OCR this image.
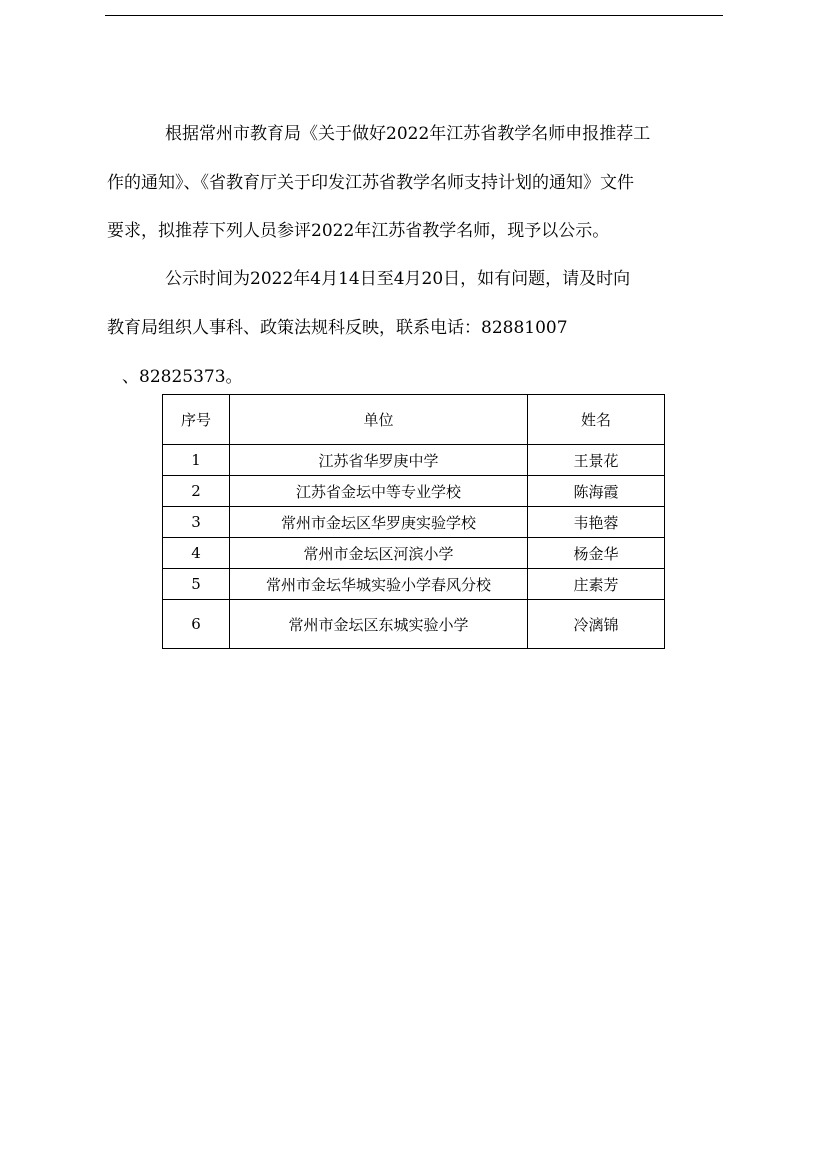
根据常州市教育局《关于做好2022年江苏省教学名师申报推荐工
作的通知》、《省教育厅关于印发江苏省教学名师支持计划的通知》文件
要求，拟推荐下列人员参评2022年江苏省教学名师，现予以公示。
公示时间为2022年4月14日至4月20日，如有问题，请及时向
教育局组织人事科、政策法规科反映，联系电话：82881007
、82825373。
序号	单位	姓名
1	江苏省华罗庚中学	王景花
2	江苏省金坛中等专业学校	陈海霞
3	常州市金坛区华罗庚实验学校	韦艳蓉
4	常州市金坛区河滨小学	杨金华
5	常州市金坛华城实验小学春风分校	庄素芳
6	常州市金坛区东城实验小学	冷漓锦
